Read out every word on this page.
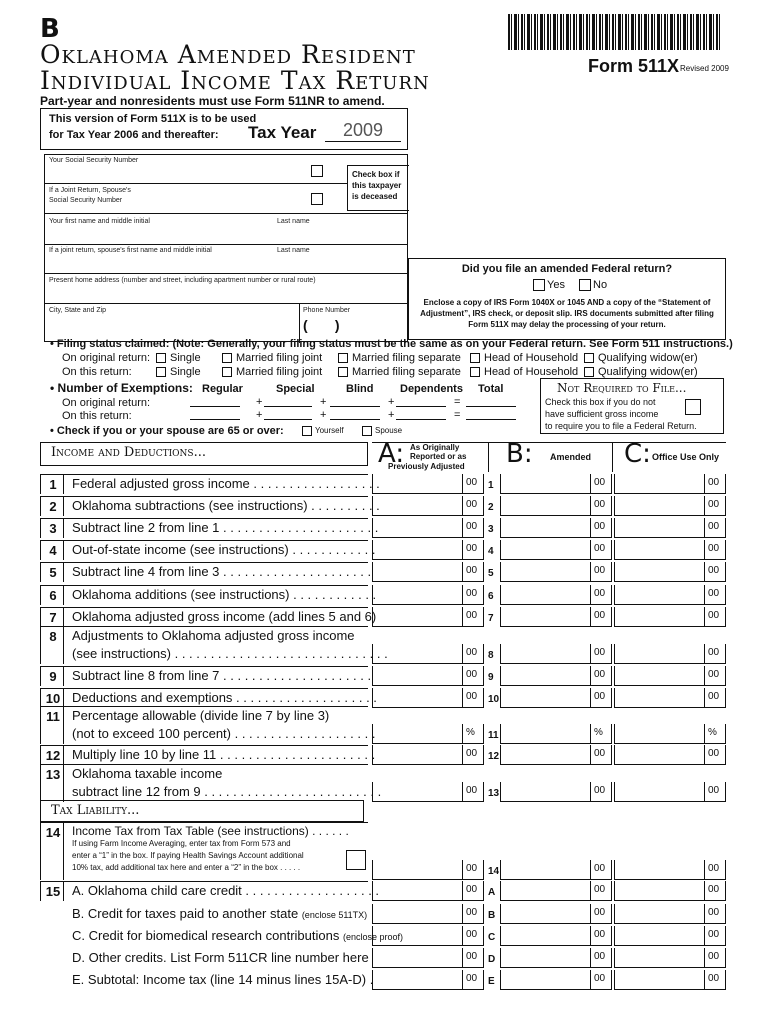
B
Oklahoma Amended Resident
Individual Income Tax Return	Form 511X Revised 2009
Part-year and nonresidents must use Form 511NR to amend.
This version of Form 511X is to be used
for Tax Year 2006 and thereafter: Tax Year	2009
Your Social Security Number
If a Joint Return, Spouse's
Social Security Number
Check box if
this taxpayer
is deceased
Your first name and middle initial	Last name
If a joint return, spouse's first name and middle initial	Last name
Present home address (number and street, including apartment number or rural route)
City, State and Zip	Phone Number
(       )
Did you file an amended Federal return?
Yes	No
Enclose a copy of IRS Form 1040X or 1045 AND a copy of the “Statement of
Adjustment”, IRS check, or deposit slip. IRS documents submitted after filing
Form 511X may delay the processing of your return.
• Filing status claimed: (Note: Generally, your filing status must be the same as on your Federal return. See Form 511 instructions.)
On original return:
On this return:
Single	Married filing joint	Married filing separate Head of Household Qualifying widow(er)
Single	Married filing joint	Married filing separate Head of Household Qualifying widow(er)
• Number of Exemptions: Regular	Special	Blind Dependents Total
On original return:
On this return:
+	+	+	=
+	+	+	=
Not Required to File...
Check this box if you do not
have sufficient gross income
to require you to file a Federal Return.
• Check if you or your spouse are 65 or over:	Yourself	Spouse
Income and Deductions...	A: As Originally
Reported or as
Previously Adjusted B: Amended C: Office Use Only
Tax Liability...
1	Federal adjusted gross income . . . . . . . . . . . . . . . . . .	00	00	00
1
2	Oklahoma subtractions (see instructions) . . . . . . . . . .	00	00	00
2
3	Subtract line 2 from line 1 . . . . . . . . . . . . . . . . . . . . . .	00	00	00
3
4	Out-of-state income (see instructions) . . . . . . . . . . . .	00	00	00
4
5	Subtract line 4 from line 3 . . . . . . . . . . . . . . . . . . . . .	00	00	00
5
6	Oklahoma additions (see instructions) . . . . . . . . . . . .	00	00	00
6
7	Oklahoma adjusted gross income (add lines 5 and 6)	00	00	00
7
8	Adjustments to Oklahoma adjusted gross income
(see instructions) . . . . . . . . . . . . . . . . . . . . . . . . . . . . . .	00	00	00
8
9	Subtract line 8 from line 7 . . . . . . . . . . . . . . . . . . . . .	00	00	00
9
10 Deductions and exemptions . . . . . . . . . . . . . . . . . . . .	00	00	00
10
11 Percentage allowable (divide line 7 by line 3)
(not to exceed 100 percent) . . . . . . . . . . . . . . . . . . . .	%	%	%
11
12 Multiply line 10 by line 11 . . . . . . . . . . . . . . . . . . . . . .	00	00	00
12
13 Oklahoma taxable income
subtract line 12 from 9 . . . . . . . . . . . . . . . . . . . . . . . . .	00	00	00
13
14 Income Tax from Tax Table (see instructions) . . . . . .
If using Farm Income Averaging, enter tax from Form 573 and
enter a “1” in the box. If paying Health Savings Account additional
10% tax, add additional tax here and enter a “2” in the box . . . . .	00	00	00
14
15 A. Oklahoma child care credit . . . . . . . . . . . . . . . . . . .	00	00	00
A
B. Credit for taxes paid to another state (enclose 511TX)	00	00	00
B
C. Credit for biomedical research contributions (enclose proof)	00	00	00
C
D. Other credits. List Form 511CR line number here	00	00	00
D
E. Subtotal: Income tax (line 14 minus lines 15A-D) .	00	00	00
E
